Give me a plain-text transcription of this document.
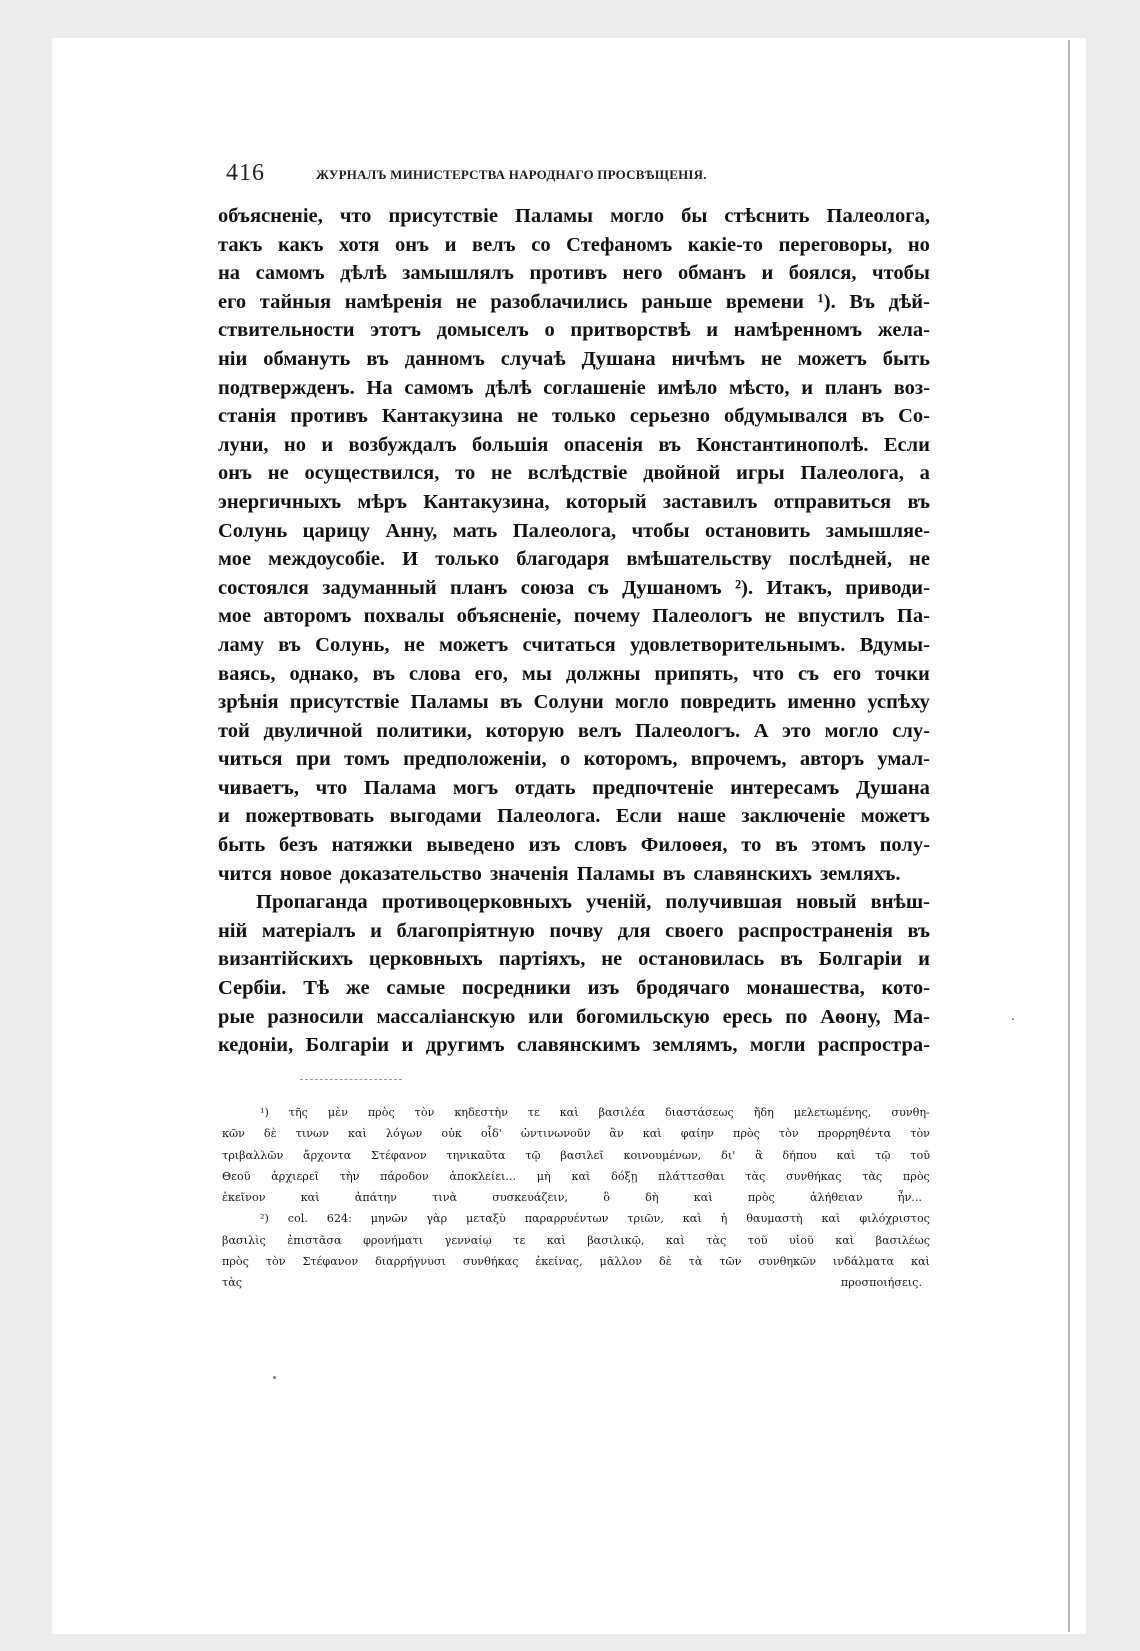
416	ЖУРНАЛЪ МИНИСТЕРСТВА НАРОДНАГО ПРОСВѢЩЕНІЯ.
объясненіе, что присутствіе Паламы могло бы стѣснить Палеолога,
такъ какъ хотя онъ и велъ со Стефаномъ какіе-то переговоры, но
на самомъ дѣлѣ замышлялъ противъ него обманъ и боялся, чтобы
его тайныя намѣренія не разоблачились раньше времени ¹). Въ дѣй-
ствительности этотъ домыселъ о притворствѣ и намѣренномъ жела-
ніи обмануть въ данномъ случаѣ Душана ничѣмъ не можетъ быть
подтвержденъ. На самомъ дѣлѣ соглашеніе имѣло мѣсто, и планъ воз-
станія противъ Кантакузина не только серьезно обдумывался въ Со-
луни, но и возбуждалъ большія опасенія въ Константинополѣ. Если
онъ не осуществился, то не вслѣдствіе двойной игры Палеолога, а
энергичныхъ мѣръ Кантакузина, который заставилъ отправиться въ
Солунь царицу Анну, мать Палеолога, чтобы остановить замышляе-
мое междоусобіе. И только благодаря вмѣшательству послѣдней, не
состоялся задуманный планъ союза съ Душаномъ ²). Итакъ, приводи-
мое авторомъ похвалы объясненіе, почему Палеологъ не впустилъ Па-
ламу въ Солунь, не можетъ считаться удовлетворительнымъ. Вдумы-
ваясь, однако, въ слова его, мы должны припять, что съ его точки
зрѣнія присутствіе Паламы въ Солуни могло повредить именно успѣху
той двуличной политики, которую велъ Палеологъ. А это могло слу-
читься при томъ предположеніи, о которомъ, впрочемъ, авторъ умал-
чиваетъ, что Палама могъ отдать предпочтеніе интересамъ Душана
и пожертвовать выгодами Палеолога. Если наше заключеніе можетъ
быть безъ натяжки выведено изъ словъ Филоѳея, то въ этомъ полу-
чится новое доказательство значенія Паламы въ славянскихъ земляхъ.
Пропаганда противоцерковныхъ ученій, получившая новый внѣш-
ній матеріалъ и благопріятную почву для своего распространенія въ
византійскихъ церковныхъ партіяхъ, не остановилась въ Болгаріи и
Сербіи. Тѣ же самые посредники изъ бродячаго монашества, кото-
рые разносили массаліанскую или богомильскую ересь по Аѳону, Ма-
кедоніи, Болгаріи и другимъ славянскимъ землямъ, могли распростра-
¹) τῆς μὲν πρὸς τὸν κηδεστὴν τε καὶ βασιλέα διαστάσεως ἤδη μελετωμένης, συνθη-
κῶν δὲ τινων καὶ λόγων οὐκ οἶδ' ὡντινωνοῦν ἂν καὶ φαίην πρὸς τὸν προρρηθέντα τὸν
τριβαλλῶν ἄρχοντα Στέφανον τηνικαῦτα τῷ βασιλεῖ κοινουμένων, δι' ἃ δήπου καὶ τῷ τοῦ
Θεοῦ ἀρχιερεῖ τὴν πάροδον ἀποκλείει... μὴ καὶ δόξῃ πλάττεσθαι τὰς συνθήκας τὰς πρὸς
ἐκεῖνον	καὶ	ἀπάτην	τινὰ	συσκευάζειν,	ὃ	δὴ	καὶ	πρὸς	ἀλήθειαν	ἦν...
²) col. 624: μηνῶν γὰρ μεταξὺ παραρρυέντων τριῶν, καὶ ἡ θαυμαστὴ καὶ φιλόχριστος
βασιλὶς ἐπιστᾶσα φρονήματι γενναίῳ τε καὶ βασιλικῷ, καὶ τὰς τοῦ υἱοῦ καὶ βασιλέως
πρὸς τὸν Στέφανον διαρρήγνυσι συνθήκας ἐκείνας, μᾶλλον δὲ τὰ τῶν συνθηκῶν ινδάλματα καὶ
τὰς	προσποιήσεις.
